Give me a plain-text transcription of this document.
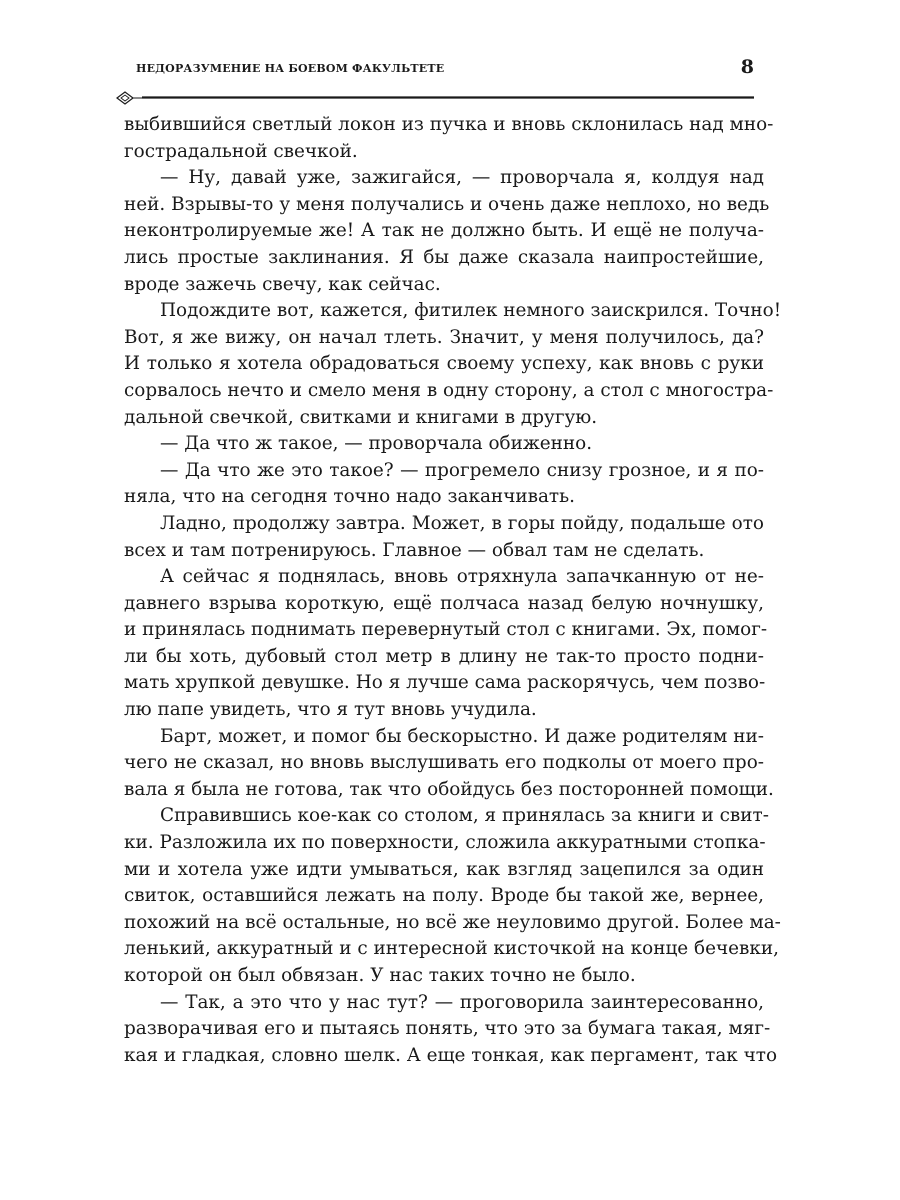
НЕДОРАЗУМЕНИЕ НА БОЕВОМ ФАКУЛЬТЕТЕ	8
выбившийся светлый локон из пучка и вновь склонилась над мно-
гострадальной свечкой.
— Ну, давай уже, зажигайся, — проворчала я, колдуя над
ней. Взрывы-то у меня получались и очень даже неплохо, но ведь
неконтролируемые же! А так не должно быть. И ещё не получа-
лись простые заклинания. Я бы даже сказала наипростейшие,
вроде зажечь свечу, как сейчас.
Подождите вот, кажется, фитилек немного заискрился. Точно!
Вот, я же вижу, он начал тлеть. Значит, у меня получилось, да?
И только я хотела обрадоваться своему успеху, как вновь с руки
сорвалось нечто и смело меня в одну сторону, а стол с многостра-
дальной свечкой, свитками и книгами в другую.
— Да что ж такое, — проворчала обиженно.
— Да что же это такое? — прогремело снизу грозное, и я по-
няла, что на сегодня точно надо заканчивать.
Ладно, продолжу завтра. Может, в горы пойду, подальше ото
всех и там потренируюсь. Главное — обвал там не сделать.
А сейчас я поднялась, вновь отряхнула запачканную от не-
давнего взрыва короткую, ещё полчаса назад белую ночнушку,
и принялась поднимать перевернутый стол с книгами. Эх, помог-
ли бы хоть, дубовый стол метр в длину не так-то просто подни-
мать хрупкой девушке. Но я лучше сама раскорячусь, чем позво-
лю папе увидеть, что я тут вновь учудила.
Барт, может, и помог бы бескорыстно. И даже родителям ни-
чего не сказал, но вновь выслушивать его подколы от моего про-
вала я была не готова, так что обойдусь без посторонней помощи.
Справившись кое-как со столом, я принялась за книги и свит-
ки. Разложила их по поверхности, сложила аккуратными стопка-
ми и хотела уже идти умываться, как взгляд зацепился за один
свиток, оставшийся лежать на полу. Вроде бы такой же, вернее,
похожий на всё остальные, но всё же неуловимо другой. Более ма-
ленький, аккуратный и с интересной кисточкой на конце бечевки,
которой он был обвязан. У нас таких точно не было.
— Так, а это что у нас тут? — проговорила заинтересованно,
разворачивая его и пытаясь понять, что это за бумага такая, мяг-
кая и гладкая, словно шелк. А еще тонкая, как пергамент, так что
